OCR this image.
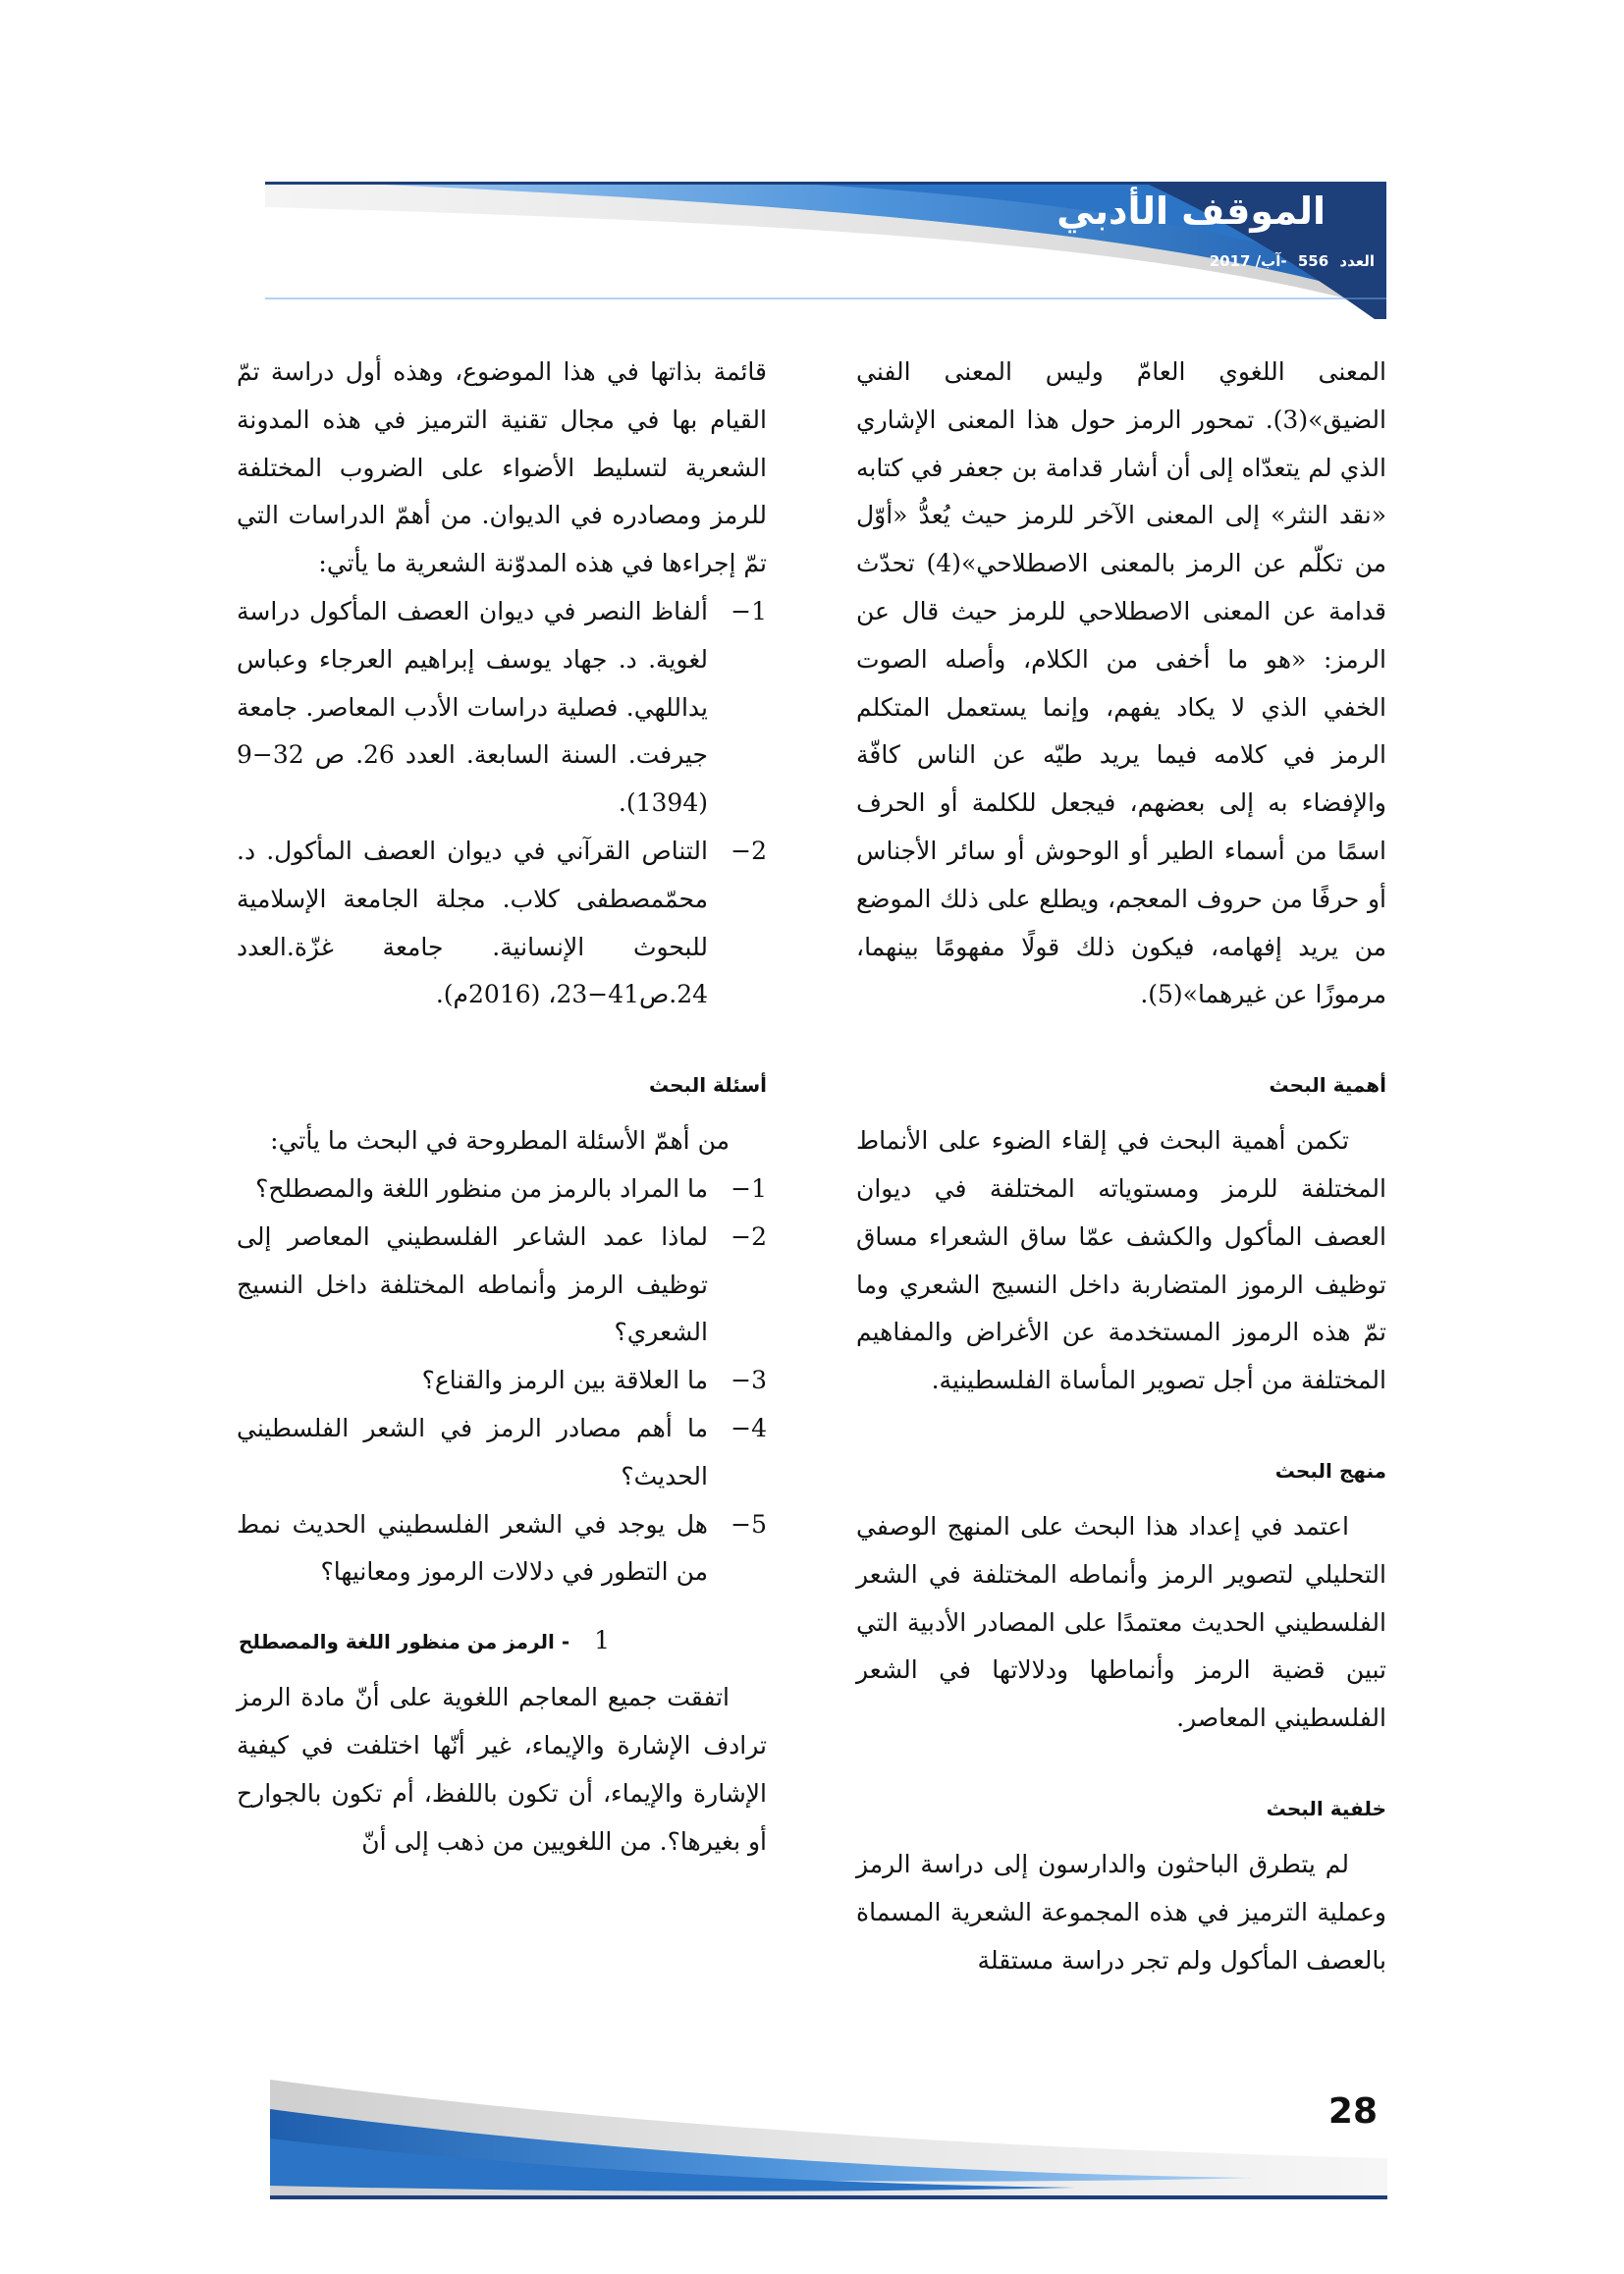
الموقف الأدبي
العدد 556 -آب/ 2017

المعنى اللغوي العامّ وليس المعنى الفني الضيق»(3). تمحور الرمز حول هذا المعنى الإشاري الذي لم يتعدّاه إلى أن أشار قدامة بن جعفر في كتابه «نقد النثر» إلى المعنى الآخر للرمز حيث يُعدُّ «أوّل من تكلّم عن الرمز بالمعنى الاصطلاحي»(4) تحدّث قدامة عن المعنى الاصطلاحي للرمز حيث قال عن الرمز: «هو ما أخفى من الكلام، وأصله الصوت الخفي الذي لا يكاد يفهم، وإنما يستعمل المتكلم الرمز في كلامه فيما يريد طيّه عن الناس كافّة والإفضاء به إلى بعضهم، فيجعل للكلمة أو الحرف اسمًا من أسماء الطير أو الوحوش أو سائر الأجناس أو حرفًا من حروف المعجم، ويطلع على ذلك الموضع من يريد إفهامه، فيكون ذلك قولًا مفهومًا بينهما، مرموزًا عن غيرهما»(5).

أهمية البحث

تكمن أهمية البحث في إلقاء الضوء على الأنماط المختلفة للرمز ومستوياته المختلفة في ديوان العصف المأكول والكشف عمّا ساق الشعراء مساق توظيف الرموز المتضاربة داخل النسيج الشعري وما تمّ هذه الرموز المستخدمة عن الأغراض والمفاهيم المختلفة من أجل تصوير المأساة الفلسطينية.

منهج البحث

اعتمد في إعداد هذا البحث على المنهج الوصفي التحليلي لتصوير الرمز وأنماطه المختلفة في الشعر الفلسطيني الحديث معتمدًا على المصادر الأدبية التي تبين قضية الرمز وأنماطها ودلالاتها في الشعر الفلسطيني المعاصر.

خلفية البحث

لم يتطرق الباحثون والدارسون إلى دراسة الرمز وعملية الترميز في هذه المجموعة الشعرية المسماة بالعصف المأكول ولم تجر دراسة مستقلة

قائمة بذاتها في هذا الموضوع، وهذه أول دراسة تمّ القيام بها في مجال تقنية الترميز في هذه المدونة الشعرية لتسليط الأضواء على الضروب المختلفة للرمز ومصادره في الديوان. من أهمّ الدراسات التي تمّ إجراءها في هذه المدوّنة الشعرية ما يأتي:

1−
ألفاظ النصر في ديوان العصف المأكول دراسة لغوية. د. جهاد يوسف إبراهيم العرجاء وعباس يداللهي. فصلية دراسات الأدب المعاصر. جامعة جيرفت. السنة السابعة. العدد 26. ص 32−9 (1394).
2−
التناص القرآني في ديوان العصف المأكول. د. محمّمصطفى كلاب. مجلة الجامعة الإسلامية للبحوث الإنسانية. جامعة غزّة.العدد 24.ص41−23، (2016م).
أسئلة البحث

من أهمّ الأسئلة المطروحة في البحث ما يأتي:

1−
ما المراد بالرمز من منظور اللغة والمصطلح؟
2−
لماذا عمد الشاعر الفلسطيني المعاصر إلى توظيف الرمز وأنماطه المختلفة داخل النسيج الشعري؟
3−
ما العلاقة بين الرمز والقناع؟
4−
ما أهم مصادر الرمز في الشعر الفلسطيني الحديث؟
5−
هل يوجد في الشعر الفلسطيني الحديث نمط من التطور في دلالات الرموز ومعانيها؟
1 - الرمز من منظور اللغة والمصطلح

اتفقت جميع المعاجم اللغوية على أنّ مادة الرمز ترادف الإشارة والإيماء، غير أنّها اختلفت في كيفية الإشارة والإيماء، أن تكون باللفظ، أم تكون بالجوارح أو بغيرها؟. من اللغويين من ذهب إلى أنّ

28
